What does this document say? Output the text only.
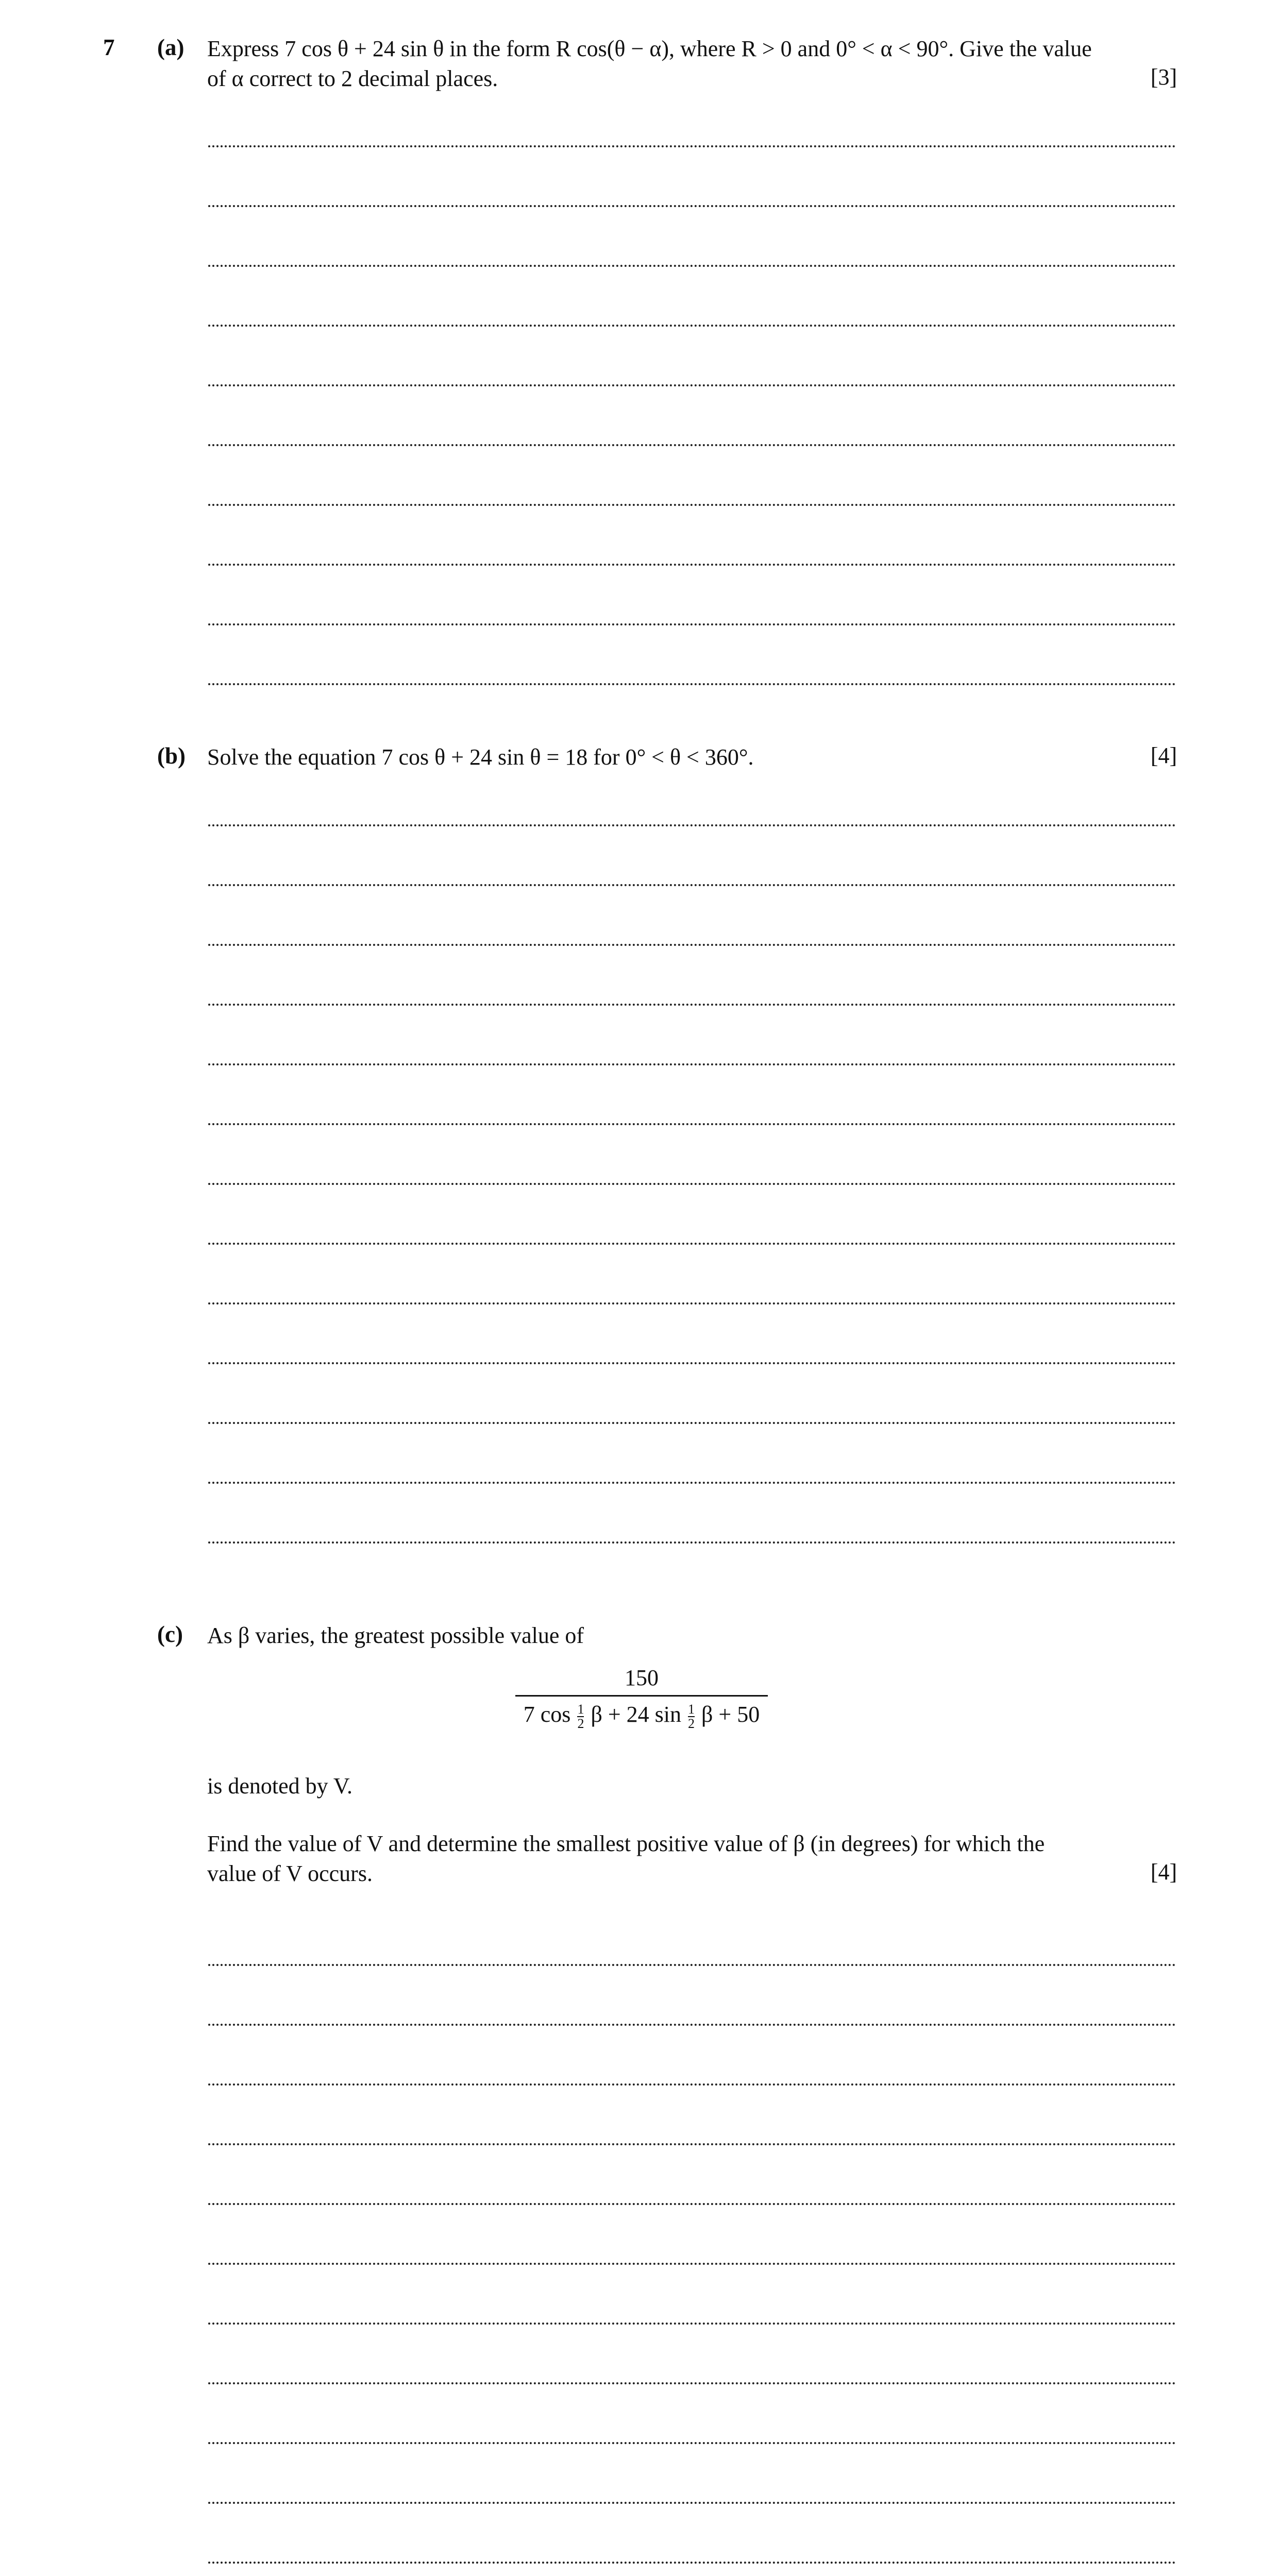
7 (a) Express 7 cos θ + 24 sin θ in the form R cos(θ − α), where R > 0 and 0° < α < 90°. Give the value
of α correct to 2 decimal places.	[3]
(b) Solve the equation 7 cos θ + 24 sin θ = 18 for 0° < θ < 360°.	[4]
(c) As β varies, the greatest possible value of
150
7 $\cos \frac{1}{2}$ β + 24 $\sin \frac{1}{2}$ β + 50
is denoted by V.
Find the value of V and determine the smallest positive value of β (in degrees) for which the
value of V occurs.	[4]
